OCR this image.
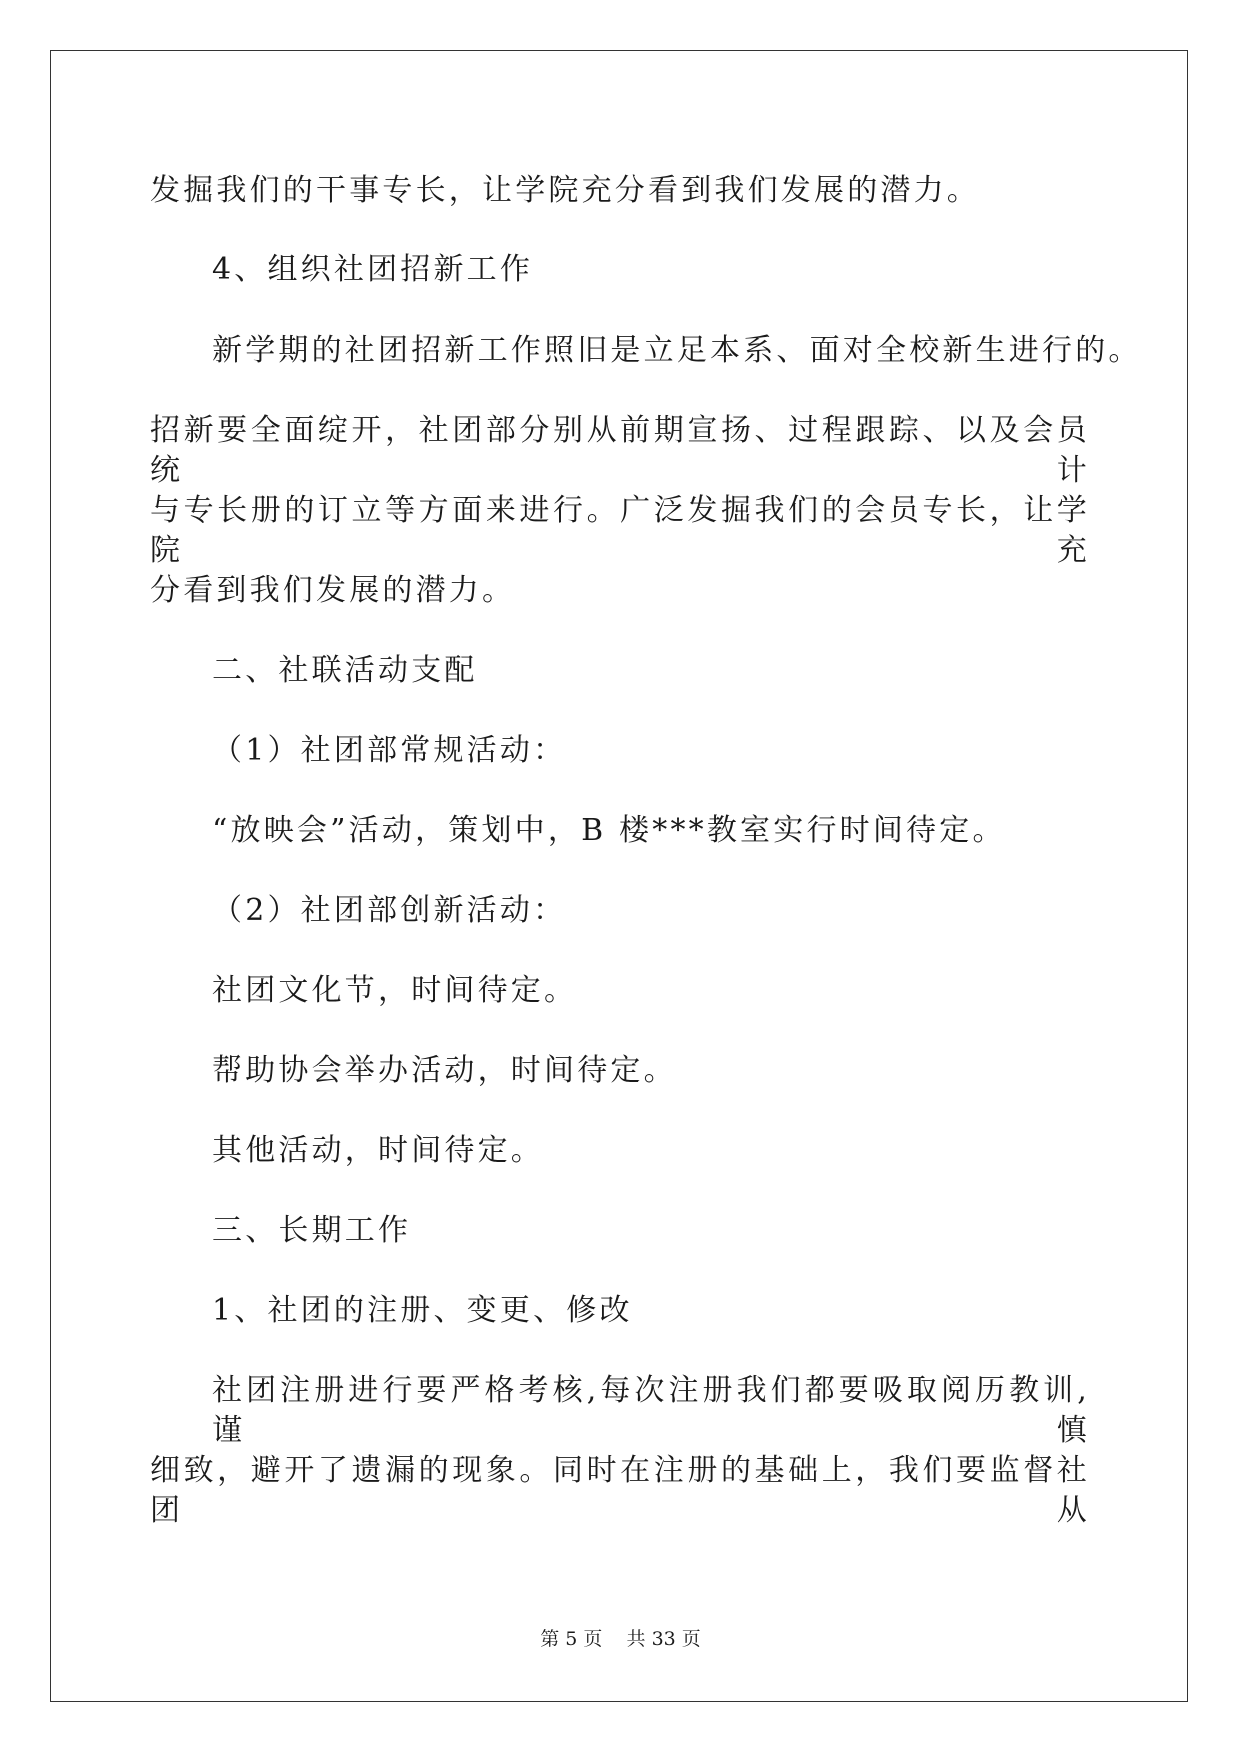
发掘我们的干事专长，让学院充分看到我们发展的潜力。
4、组织社团招新工作
新学期的社团招新工作照旧是立足本系、面对全校新生进行的。
招新要全面绽开，社团部分别从前期宣扬、过程跟踪、以及会员统计
与专长册的订立等方面来进行。广泛发掘我们的会员专长，让学院充
分看到我们发展的潜力。
二、社联活动支配
（1）社团部常规活动：
“放映会”活动，策划中，B 楼***教室实行时间待定。
（2）社团部创新活动：
社团文化节，时间待定。
帮助协会举办活动，时间待定。
其他活动，时间待定。
三、长期工作
1、社团的注册、变更、修改
社团注册进行要严格考核,每次注册我们都要吸取阅历教训,谨慎
细致，避开了遗漏的现象。同时在注册的基础上，我们要监督社团从
第 5 页    共 33 页
